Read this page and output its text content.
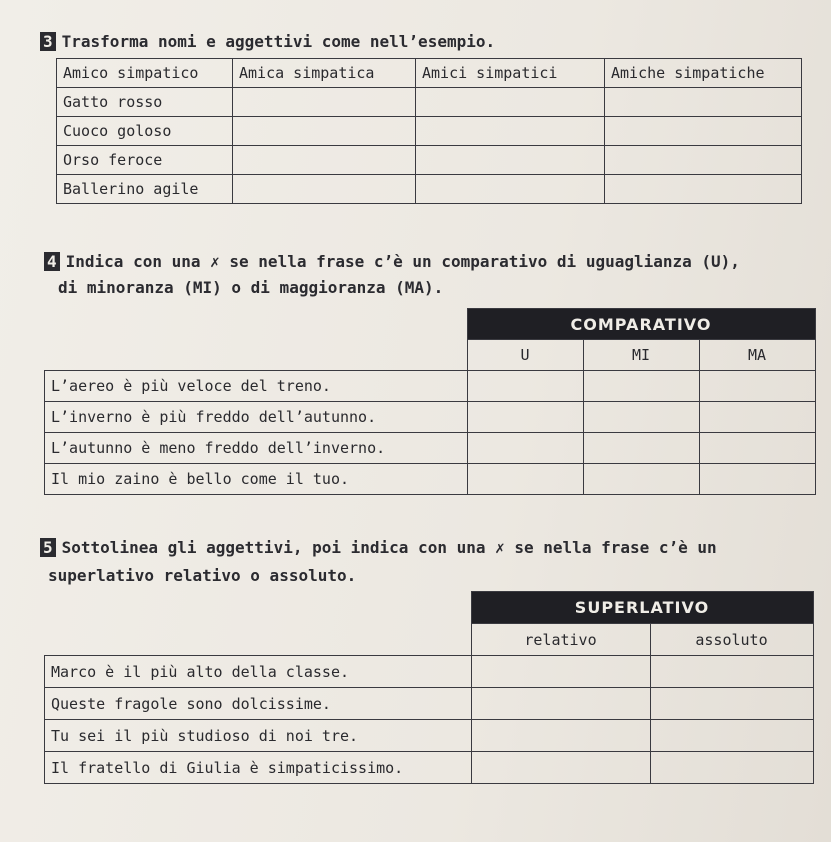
3 Trasforma nomi e aggettivi come nell’esempio.
Amico simpatico	Amica simpatica	Amici simpatici	Amiche simpatiche
Gatto rosso			
Cuoco goloso			
Orso feroce			
Ballerino agile			
4 Indica con una ✗ se nella frase c’è un comparativo di uguaglianza (U),
di minoranza (MI) o di maggioranza (MA).
	COMPARATIVO		
	U	MI	MA
L’aereo è più veloce del treno.			
L’inverno è più freddo dell’autunno.			
L’autunno è meno freddo dell’inverno.			
Il mio zaino è bello come il tuo.			
5 Sottolinea gli aggettivi, poi indica con una ✗ se nella frase c’è un
superlativo relativo o assoluto.
	SUPERLATIVO	
	relativo	assoluto
Marco è il più alto della classe.		
Queste fragole sono dolcissime.		
Tu sei il più studioso di noi tre.		
Il fratello di Giulia è simpaticissimo.		
